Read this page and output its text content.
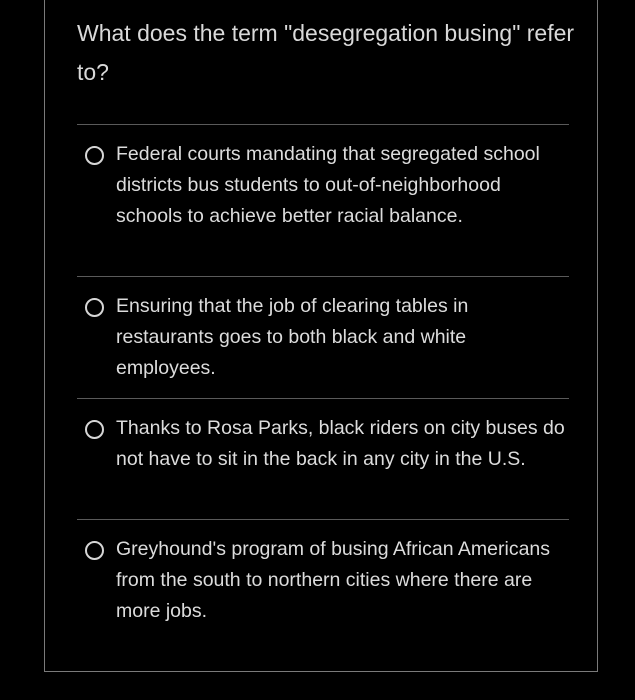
What does the term "desegregation busing" refer to?
Federal courts mandating that segregated school districts bus students to out-of-neighborhood schools to achieve better racial balance.
Ensuring that the job of clearing tables in restaurants goes to both black and white employees.
Thanks to Rosa Parks, black riders on city buses do not have to sit in the back in any city in the U.S.
Greyhound's program of busing African Americans from the south to northern cities where there are more jobs.
